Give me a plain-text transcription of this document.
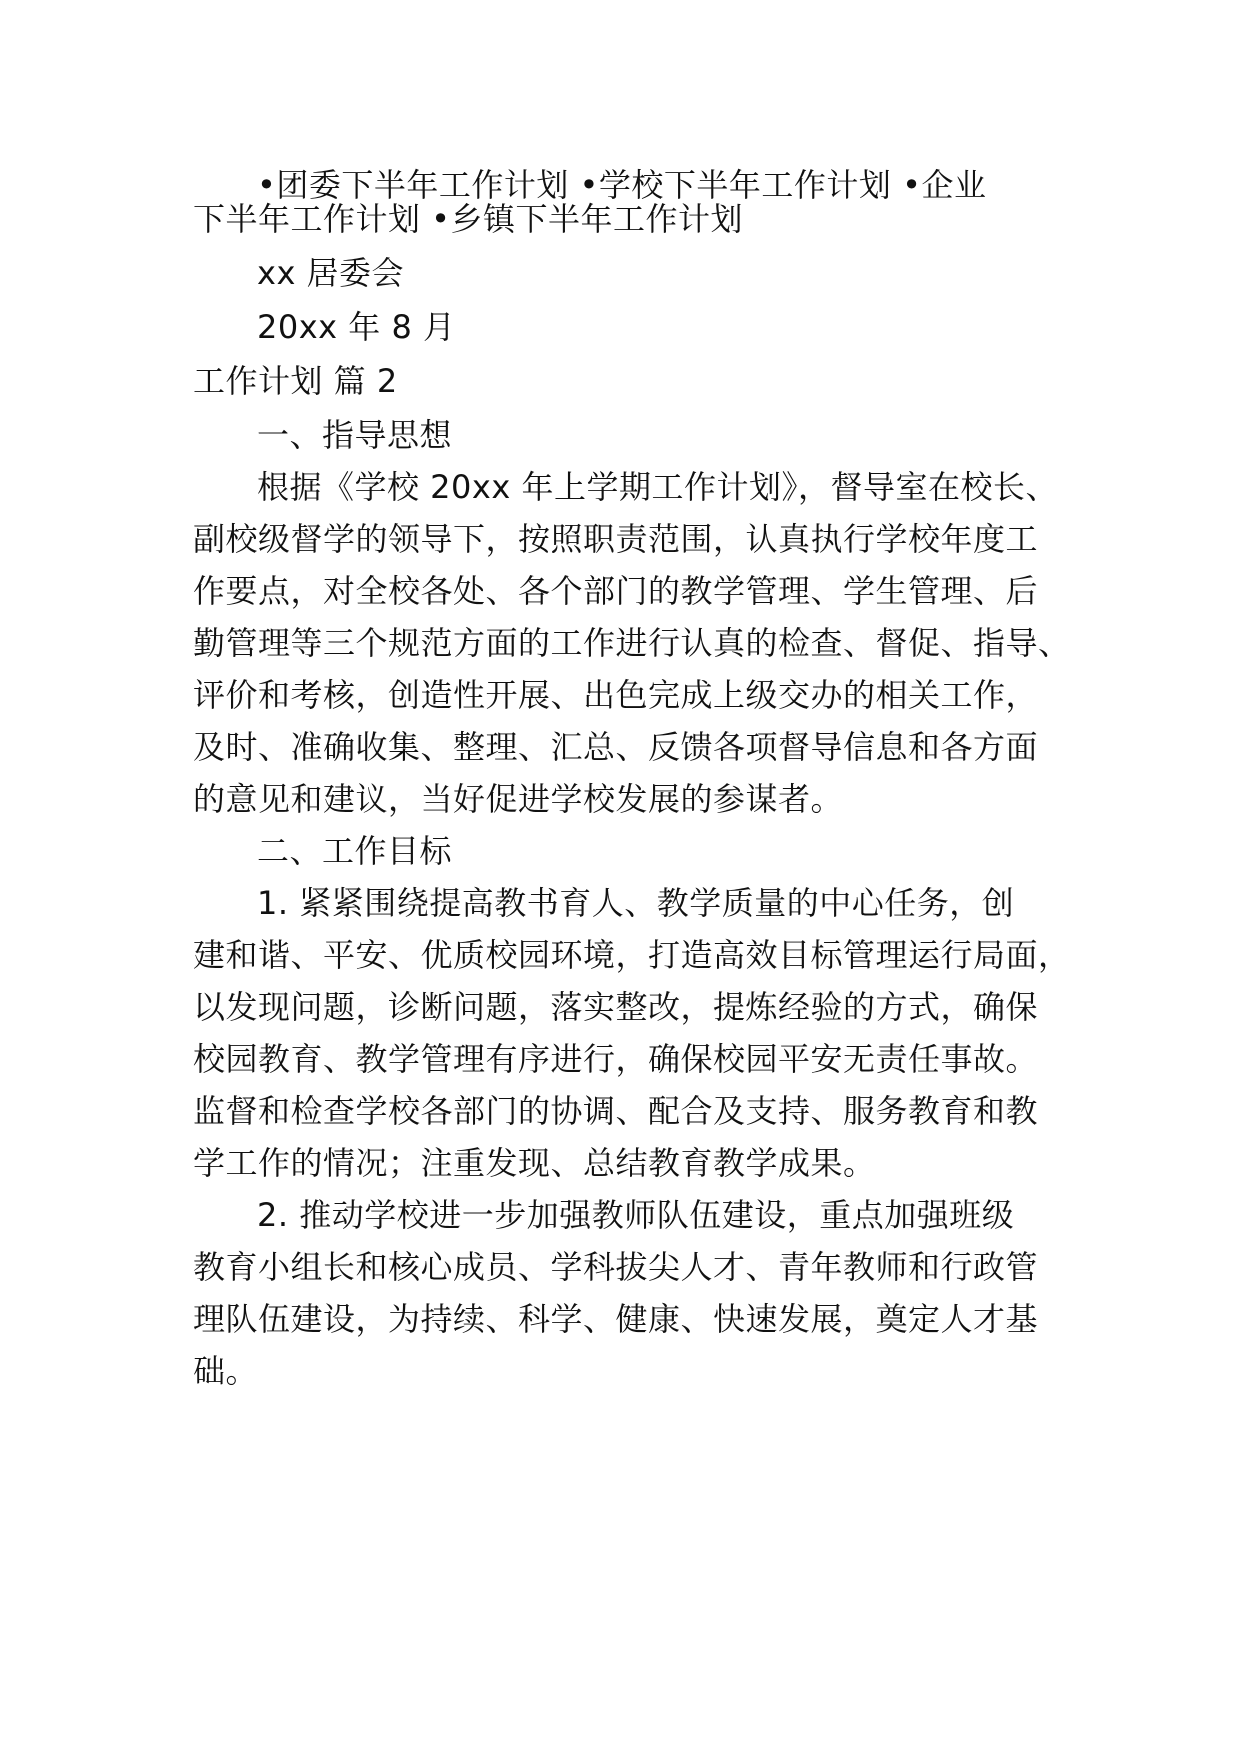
•团委下半年工作计划 •学校下半年工作计划 •企业
下半年工作计划 •乡镇下半年工作计划
xx 居委会
20xx 年 8 月
工作计划 篇 2
一、指导思想
根据《学校 20xx 年上学期工作计划》，督导室在校长、
副校级督学的领导下，按照职责范围，认真执行学校年度工
作要点，对全校各处、各个部门的教学管理、学生管理、后
勤管理等三个规范方面的工作进行认真的检查、督促、指导、
评价和考核，创造性开展、出色完成上级交办的相关工作，
及时、准确收集、整理、汇总、反馈各项督导信息和各方面
的意见和建议，当好促进学校发展的参谋者。
二、工作目标
1. 紧紧围绕提高教书育人、教学质量的中心任务，创
建和谐、平安、优质校园环境，打造高效目标管理运行局面，
以发现问题，诊断问题，落实整改，提炼经验的方式，确保
校园教育、教学管理有序进行，确保校园平安无责任事故。
监督和检查学校各部门的协调、配合及支持、服务教育和教
学工作的情况；注重发现、总结教育教学成果。
2. 推动学校进一步加强教师队伍建设，重点加强班级
教育小组长和核心成员、学科拔尖人才、青年教师和行政管
理队伍建设，为持续、科学、健康、快速发展，奠定人才基
础。
